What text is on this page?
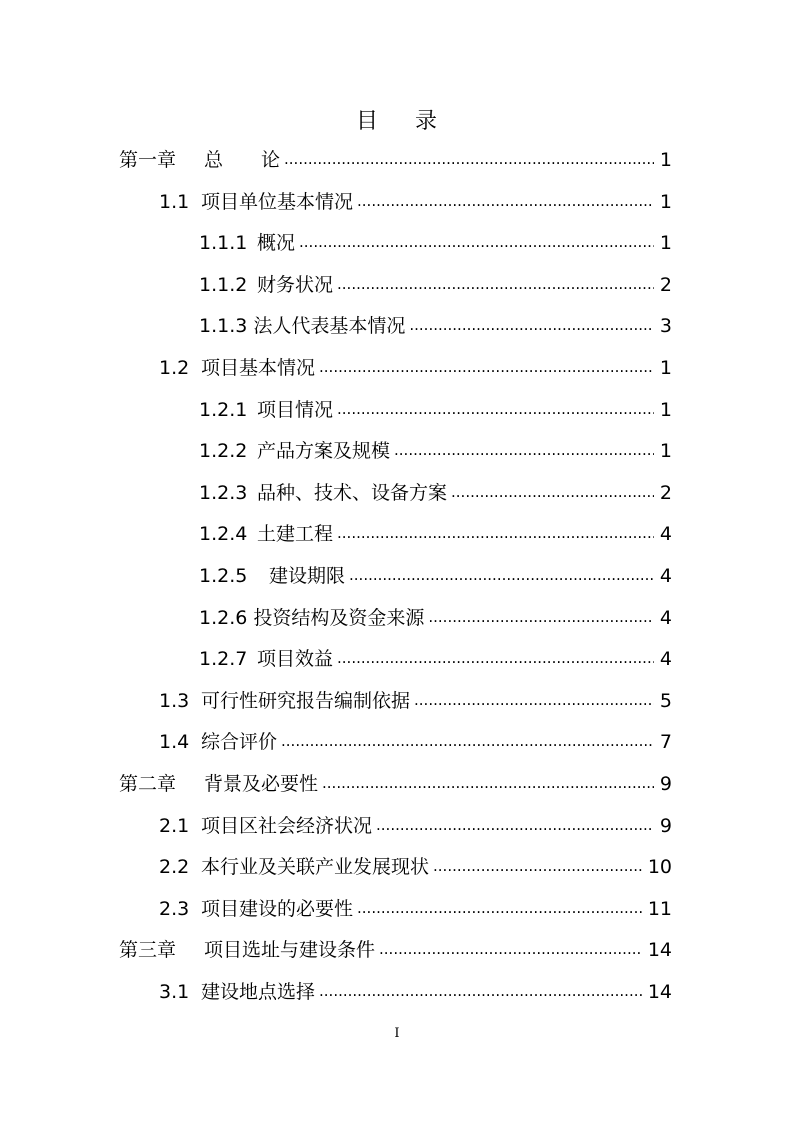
目 录
第一章	总　　论 .....	1
1.1 项目单位基本情况 .....	1
1.1.1 概况 .....	1
1.1.2 财务状况 .....	2
1.1.3 法人代表基本情况 .....	3
1.2 项目基本情况 .....	1
1.2.1 项目情况 .....	1
1.2.2 产品方案及规模 .....	1
1.2.3 品种、技术、设备方案 .....	2
1.2.4 土建工程 .....	4
1.2.5	建设期限 .....	4
1.2.6 投资结构及资金来源 .....	4
1.2.7 项目效益 .....	4
1.3 可行性研究报告编制依据 .....	5
1.4 综合评价 .....	7
第二章	背景及必要性 .....	9
2.1 项目区社会经济状况 .....	9
2.2 本行业及关联产业发展现状 .....	10
2.3 项目建设的必要性 .....	11
第三章	项目选址与建设条件 .....	14
3.1 建设地点选择 .....	14
I
